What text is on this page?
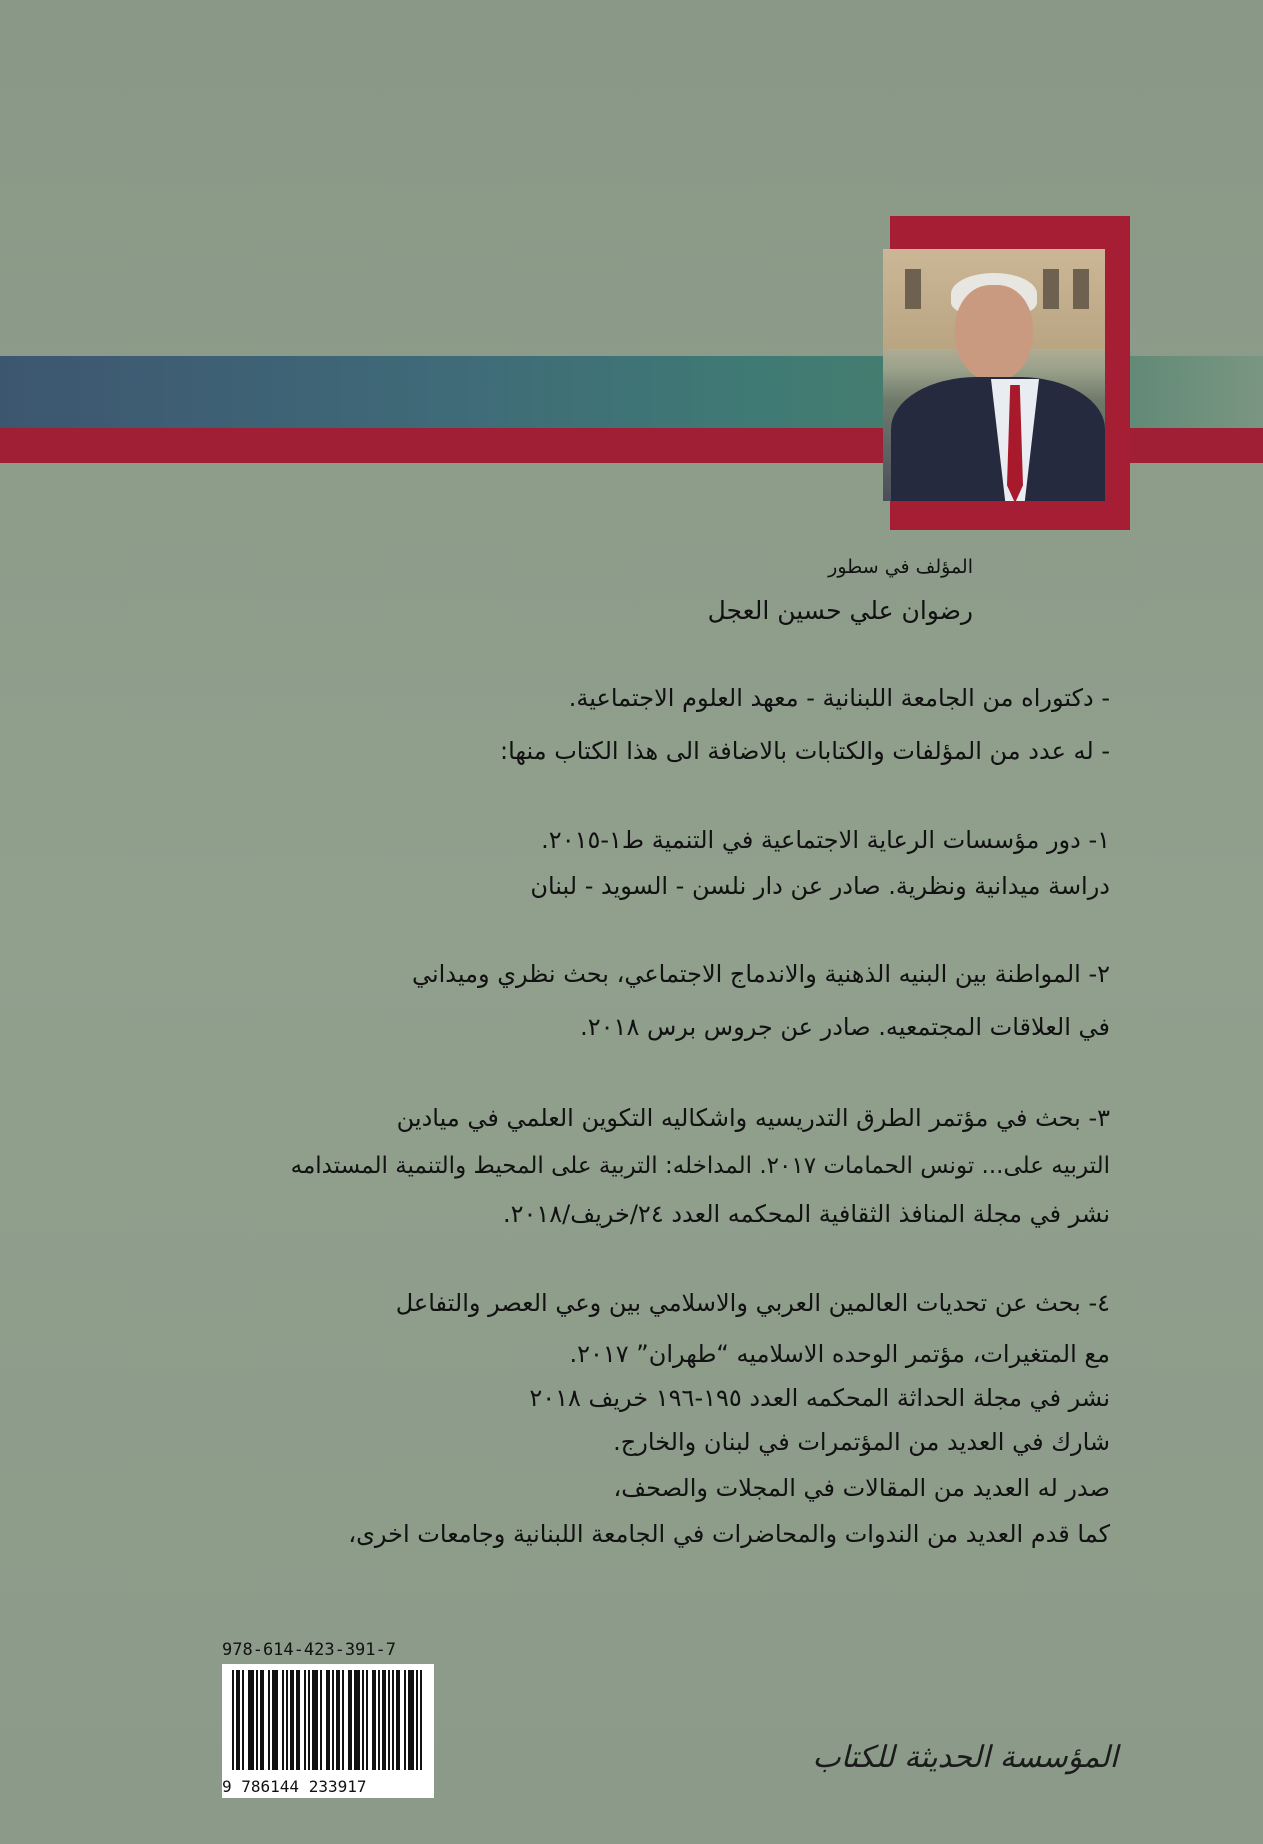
المؤلف في سطور
رضوان علي حسين العجل
- دكتوراه من الجامعة اللبنانية - معهد العلوم الاجتماعية.
- له عدد من المؤلفات والكتابات بالاضافة الى هذا الكتاب منها:
١- دور مؤسسات الرعاية الاجتماعية في التنمية ط١-٢٠١٥.
دراسة ميدانية ونظرية. صادر عن دار نلسن - السويد - لبنان
٢- المواطنة بين البنيه الذهنية والاندماج الاجتماعي، بحث نظري وميداني
في العلاقات المجتمعيه. صادر عن جروس برس ٢٠١٨.
٣- بحث في مؤتمر الطرق التدريسيه واشكاليه التكوين العلمي في ميادين
التربيه على... تونس الحمامات ٢٠١٧. المداخله: التربية على المحيط والتنمية المستدامه
نشر في مجلة المنافذ الثقافية المحكمه العدد ٢٤/خريف/٢٠١٨.
٤- بحث عن تحديات العالمين العربي والاسلامي بين وعي العصر والتفاعل
مع المتغيرات، مؤتمر الوحده الاسلاميه “طهران” ٢٠١٧.
نشر في مجلة الحداثة المحكمه العدد ١٩٥-١٩٦ خريف ٢٠١٨
شارك في العديد من المؤتمرات في لبنان والخارج.
صدر له العديد من المقالات في المجلات والصحف،
كما قدم العديد من الندوات والمحاضرات في الجامعة اللبنانية وجامعات اخرى،
978-614-423-391-7
9 786144 233917
المؤسسة الحديثة للكتاب
